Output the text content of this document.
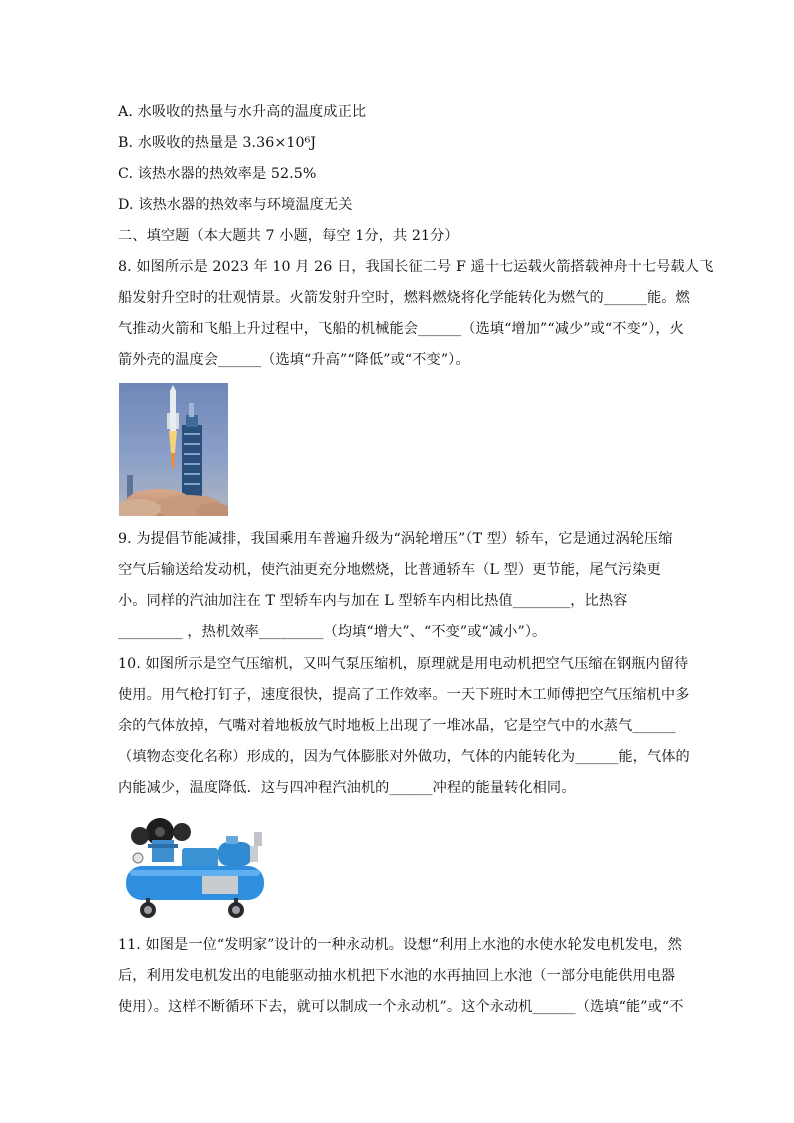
A. 水吸收的热量与水升高的温度成正比
B. 水吸收的热量是 3.36×10⁶J
C. 该热水器的热效率是 52.5%
D. 该热水器的热效率与环境温度无关
二、填空题（本大题共 7 小题，每空 1分，共 21分）
8. 如图所示是 2023 年 10 月 26 日，我国长征二号 F 遥十七运载火箭搭载神舟十七号载人飞
船发射升空时的壮观情景。火箭发射升空时，燃料燃烧将化学能转化为燃气的______能。燃
气推动火箭和飞船上升过程中，飞船的机械能会______（选填“增加”“减少”或“不变”），火
箭外壳的温度会______（选填“升高”“降低”或“不变”）。
9. 为提倡节能减排，我国乘用车普遍升级为“涡轮增压”（T 型）轿车，它是通过涡轮压缩
空气后输送给发动机，使汽油更充分地燃烧，比普通轿车（L 型）更节能，尾气污染更
小。同样的汽油加注在 T 型轿车内与加在 L 型轿车内相比热值________，比热容
_________ ，热机效率_________（均填“增大”、“不变”或“减小”）。
10. 如图所示是空气压缩机，又叫气泵压缩机，原理就是用电动机把空气压缩在钢瓶内留待
使用。用气枪打钉子，速度很快，提高了工作效率。一天下班时木工师傅把空气压缩机中多
余的气体放掉，气嘴对着地板放气时地板上出现了一堆冰晶，它是空气中的水蒸气______
（填物态变化名称）形成的，因为气体膨胀对外做功，气体的内能转化为______能，气体的
内能减少，温度降低．这与四冲程汽油机的______冲程的能量转化相同。
11. 如图是一位“发明家”设计的一种永动机。设想“利用上水池的水使水轮发电机发电，然
后，利用发电机发出的电能驱动抽水机把下水池的水再抽回上水池（一部分电能供用电器
使用）。这样不断循环下去，就可以制成一个永动机”。这个永动机______（选填“能”或“不
